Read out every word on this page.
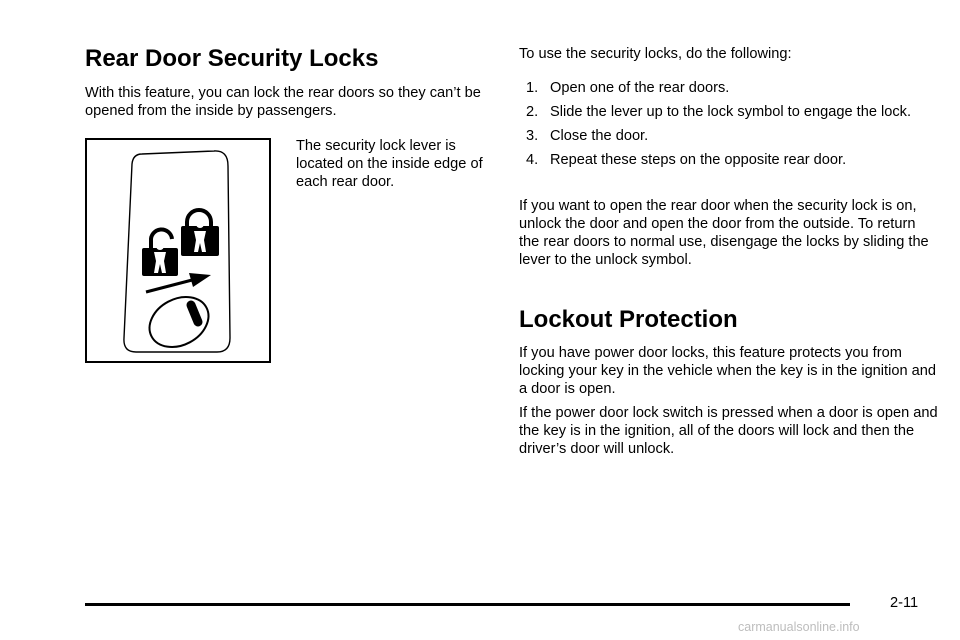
Rear Door Security Locks

With this feature, you can lock the rear doors so they can’t be opened from the inside by passengers.

The security lock lever is located on the inside edge of each rear door.

To use the security locks, do the following:

1. Open one of the rear doors.
2. Slide the lever up to the lock symbol to engage the lock.
3. Close the door.
4. Repeat these steps on the opposite rear door.

If you want to open the rear door when the security lock is on, unlock the door and open the door from the outside. To return the rear doors to normal use, disengage the locks by sliding the lever to the unlock symbol.

Lockout Protection

If you have power door locks, this feature protects you from locking your key in the vehicle when the key is in the ignition and a door is open.

If the power door lock switch is pressed when a door is open and the key is in the ignition, all of the doors will lock and then the driver’s door will unlock.

2-11
carmanualsonline.info
